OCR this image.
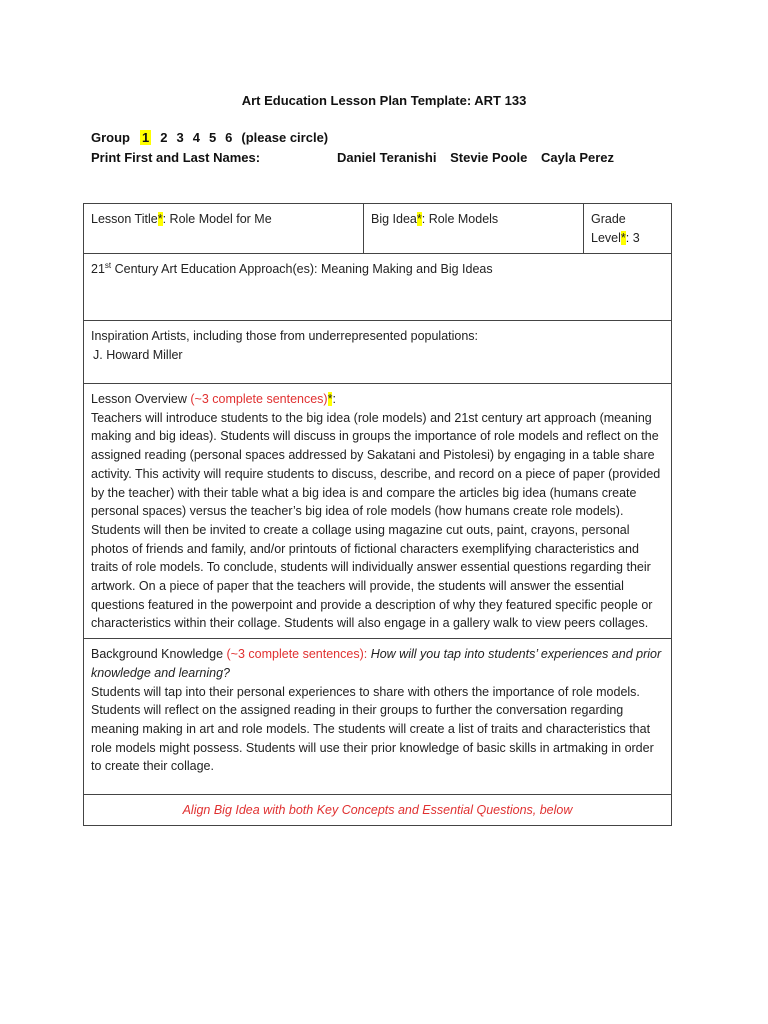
Art Education Lesson Plan Template: ART 133
Group 1 2 3 4 5 6 (please circle)
Print First and Last Names:	Daniel Teranishi Stevie Poole Cayla Perez
Lesson Title*: Role Model for Me	Big Idea*: Role Models	Grade
Level*: 3
21st Century Art Education Approach(es): Meaning Making and Big Ideas
Inspiration Artists, including those from underrepresented populations:
J. Howard Miller
Lesson Overview (~3 complete sentences)*:
Teachers will introduce students to the big idea (role models) and 21st century art approach (meaning making and big ideas). Students will discuss in groups the importance of role models and reflect on the assigned reading (personal spaces addressed by Sakatani and Pistolesi) by engaging in a table share activity. This activity will require students to discuss, describe, and record on a piece of paper (provided by the teacher) with their table what a big idea is and compare the articles big idea (humans create personal spaces) versus the teacher’s big idea of role models (how humans create role models). Students will then be invited to create a collage using magazine cut outs, paint, crayons, personal photos of friends and family, and/or printouts of fictional characters exemplifying characteristics and traits of role models. To conclude, students will individually answer essential questions regarding their artwork. On a piece of paper that the teachers will provide, the students will answer the essential questions featured in the powerpoint and provide a description of why they featured specific people or characteristics within their collage. Students will also engage in a gallery walk to view peers collages.
Background Knowledge (~3 complete sentences): How will you tap into students’ experiences and prior knowledge and learning?
Students will tap into their personal experiences to share with others the importance of role models. Students will reflect on the assigned reading in their groups to further the conversation regarding meaning making in art and role models. The students will create a list of traits and characteristics that role models might possess. Students will use their prior knowledge of basic skills in artmaking in order to create their collage.
Align Big Idea with both Key Concepts and Essential Questions, below
